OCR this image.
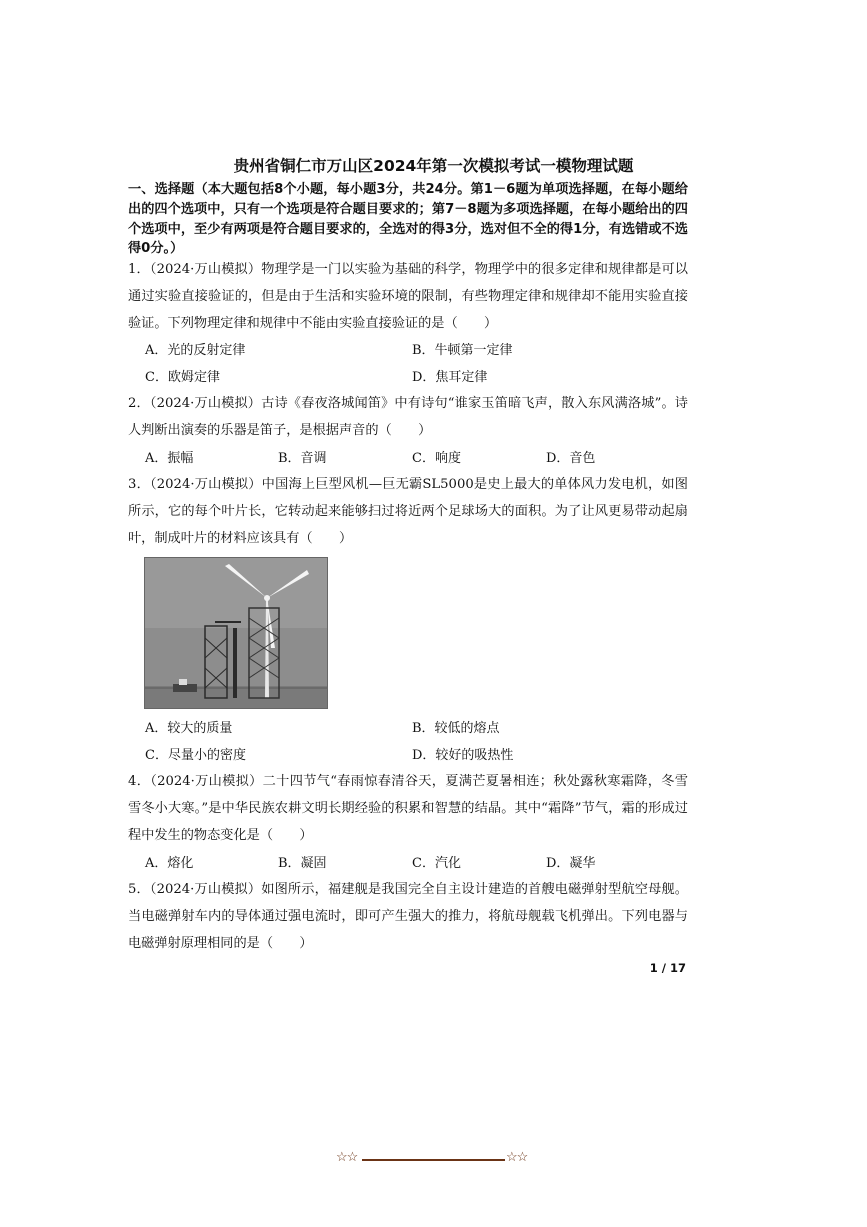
贵州省铜仁市万山区2024年第一次模拟考试一模物理试题
一、选择题（本大题包括8个小题，每小题3分，共24分。第1－6题为单项选择题，在每小题给出的四个选项中，只有一个选项是符合题目要求的；第7－8题为多项选择题，在每小题给出的四个选项中，至少有两项是符合题目要求的，全选对的得3分，选对但不全的得1分，有选错或不选得0分。）
1．（2024·万山模拟）物理学是一门以实验为基础的科学，物理学中的很多定律和规律都是可以通过实验直接验证的，但是由于生活和实验环境的限制，有些物理定律和规律却不能用实验直接验证。下列物理定律和规律中不能由实验直接验证的是（　　）
A．光的反射定律	B．牛顿第一定律
C．欧姆定律	D．焦耳定律
2．（2024·万山模拟）古诗《春夜洛城闻笛》中有诗句“谁家玉笛暗飞声，散入东风满洛城”。诗人判断出演奏的乐器是笛子，是根据声音的（　　）
A．振幅	B．音调	C．响度	D．音色
3．（2024·万山模拟）中国海上巨型风机—巨无霸SL5000是史上最大的单体风力发电机，如图所示，它的每个叶片长，它转动起来能够扫过将近两个足球场大的面积。为了让风更易带动起扇叶，制成叶片的材料应该具有（　　）
A．较大的质量	B．较低的熔点
C．尽量小的密度	D．较好的吸热性
4．（2024·万山模拟）二十四节气“春雨惊春清谷天，夏满芒夏暑相连；秋处露秋寒霜降，冬雪雪冬小大寒。”是中华民族农耕文明长期经验的积累和智慧的结晶。其中“霜降”节气，霜的形成过程中发生的物态变化是（　　）
A．熔化	B．凝固	C．汽化	D．凝华
5．（2024·万山模拟）如图所示，福建舰是我国完全自主设计建造的首艘电磁弹射型航空母舰。当电磁弹射车内的导体通过强电流时，即可产生强大的推力，将航母舰载飞机弹出。下列电器与电磁弹射原理相同的是（　　）
1 / 17
☆☆	☆☆
